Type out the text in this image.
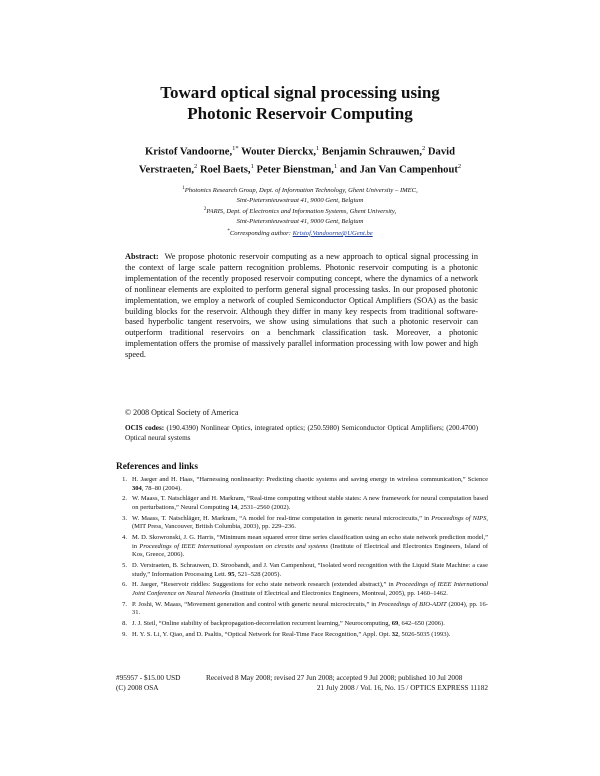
Toward optical signal processing using
Photonic Reservoir Computing
Kristof Vandoorne,$^{1*}$ Wouter Dierckx,$^1$ Benjamin Schrauwen,$^2$ David Verstraeten,$^2$ Roel Baets,$^1$ Peter Bienstman,$^1$ and Jan Van Campenhout$^2$
$^1$Photonics Research Group, Dept. of Information Technology, Ghent University – IMEC,
Sint-Pietersnieuwstraat 41, 9000 Gent, Belgium
$^2$PARIS, Dept. of Electronics and Information Systems, Ghent University,
Sint-Pietersnieuwstraat 41, 9000 Gent, Belgium
*Corresponding author: Kristof.Vandoorne@UGent.be
Abstract: We propose photonic reservoir computing as a new approach to optical signal processing in the context of large scale pattern recognition problems. Photonic reservoir computing is a photonic implementation of the recently proposed reservoir computing concept, where the dynamics of a network of nonlinear elements are exploited to perform general signal processing tasks. In our proposed photonic implementation, we employ a network of coupled Semiconductor Optical Amplifiers (SOA) as the basic building blocks for the reservoir. Although they differ in many key respects from traditional software-based hyperbolic tangent reservoirs, we show using simulations that such a photonic reservoir can outperform traditional reservoirs on a benchmark classification task. Moreover, a photonic implementation offers the promise of massively parallel information processing with low power and high speed.
© 2008 Optical Society of America
OCIS codes: (190.4390) Nonlinear Optics, integrated optics; (250.5980) Semiconductor Optical Amplifiers; (200.4700) Optical neural systems
References and links
1. H. Jaeger and H. Haas, “Harnessing nonlinearity: Predicting chaotic systems and saving energy in wireless communication,” Science 304, 78–80 (2004).
2. W. Maass, T. Natschläger and H. Markram, “Real-time computing without stable states: A new framework for neural computation based on perturbations,” Neural Computing 14, 2531–2560 (2002).
3. W. Maass, T. Natschläger, H. Markram, “A model for real-time computation in generic neural microcircuits,” in Proceedings of NIPS, (MIT Press, Vancouver, British Columbia, 2003), pp. 229–236.
4. M. D. Skowronski, J. G. Harris, “Minimum mean squared error time series classification using an echo state network prediction model,” in Proceedings of IEEE International symposium on circuits and systems (Institute of Electrical and Electronics Engineers, Island of Kos, Greece, 2006).
5. D. Verstraeten, B. Schrauwen, D. Stroobandt, and J. Van Campenhout, “Isolated word recognition with the Liquid State Machine: a case study,” Information Processing Lett. 95, 521–528 (2005).
6. H. Jaeger, “Reservoir riddles: Suggestions for echo state network research (extended abstract),” in Proceedings of IEEE International Joint Conference on Neural Networks (Institute of Electrical and Electronics Engineers, Montreal, 2005), pp. 1460–1462.
7. P. Joshi, W. Maass, “Movement generation and control with generic neural microcircuits,” in Proceedings of BIO-ADIT (2004), pp. 16-31.
8. J. J. Steil, “Online stability of backpropagation-decorrelation recurrent learning,” Neurocomputing, 69, 642–650 (2006).
9. H. Y. S. Li, Y. Qiao, and D. Psaltis, “Optical Network for Real-Time Face Recognition,” Appl. Opt. 32, 5026-5035 (1993).
#95957 - $15.00 USD	Received 8 May 2008; revised 27 Jun 2008; accepted 9 Jul 2008; published 10 Jul 2008
(C) 2008 OSA	21 July 2008 / Vol. 16, No. 15 / OPTICS EXPRESS 11182
